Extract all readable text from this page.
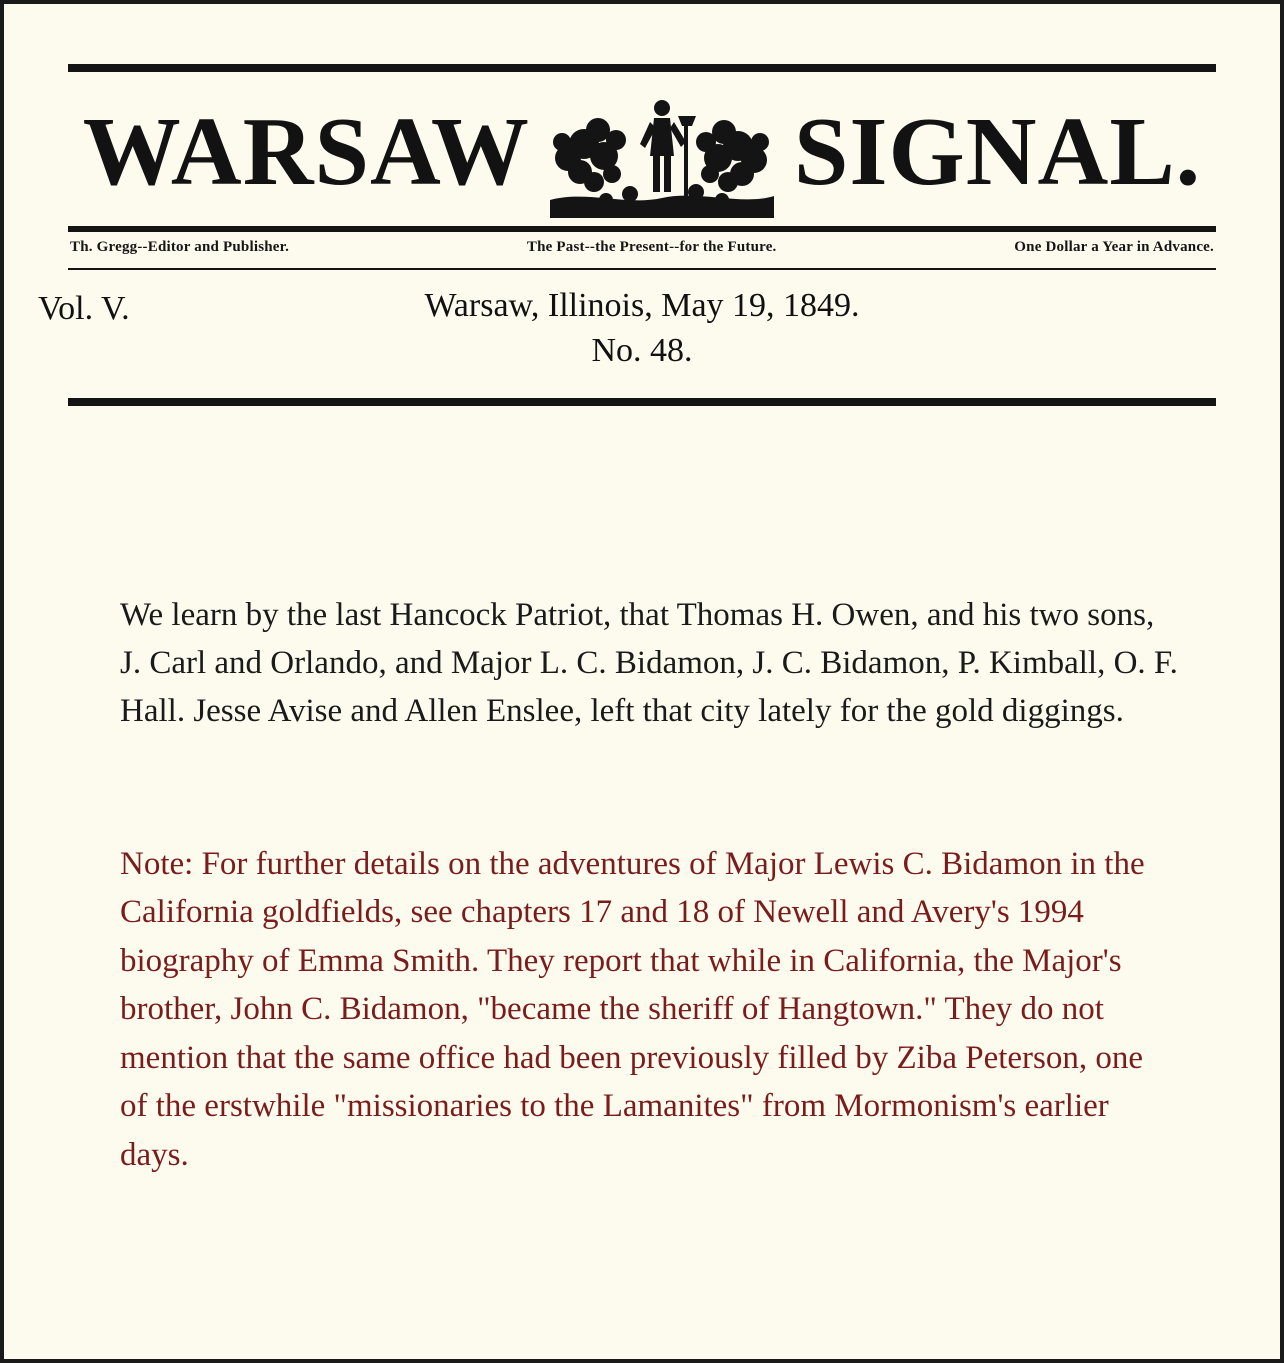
WARSAW	SIGNAL.
Th. Gregg--Editor and Publisher.	The Past--the Present--for the Future.	One Dollar a Year in Advance.
Vol. V.	Warsaw, Illinois, May 19, 1849.
No. 48.

We learn by the last Hancock Patriot, that Thomas H. Owen, and his two sons, J. Carl and Orlando, and Major L. C. Bidamon, J. C. Bidamon, P. Kimball, O. F. Hall. Jesse Avise and Allen Enslee, left that city lately for the gold diggings.

Note: For further details on the adventures of Major Lewis C. Bidamon in the California goldfields, see chapters 17 and 18 of Newell and Avery's 1994 biography of Emma Smith. They report that while in California, the Major's brother, John C. Bidamon, "became the sheriff of Hangtown." They do not mention that the same office had been previously filled by Ziba Peterson, one of the erstwhile "missionaries to the Lamanites" from Mormonism's earlier days.
